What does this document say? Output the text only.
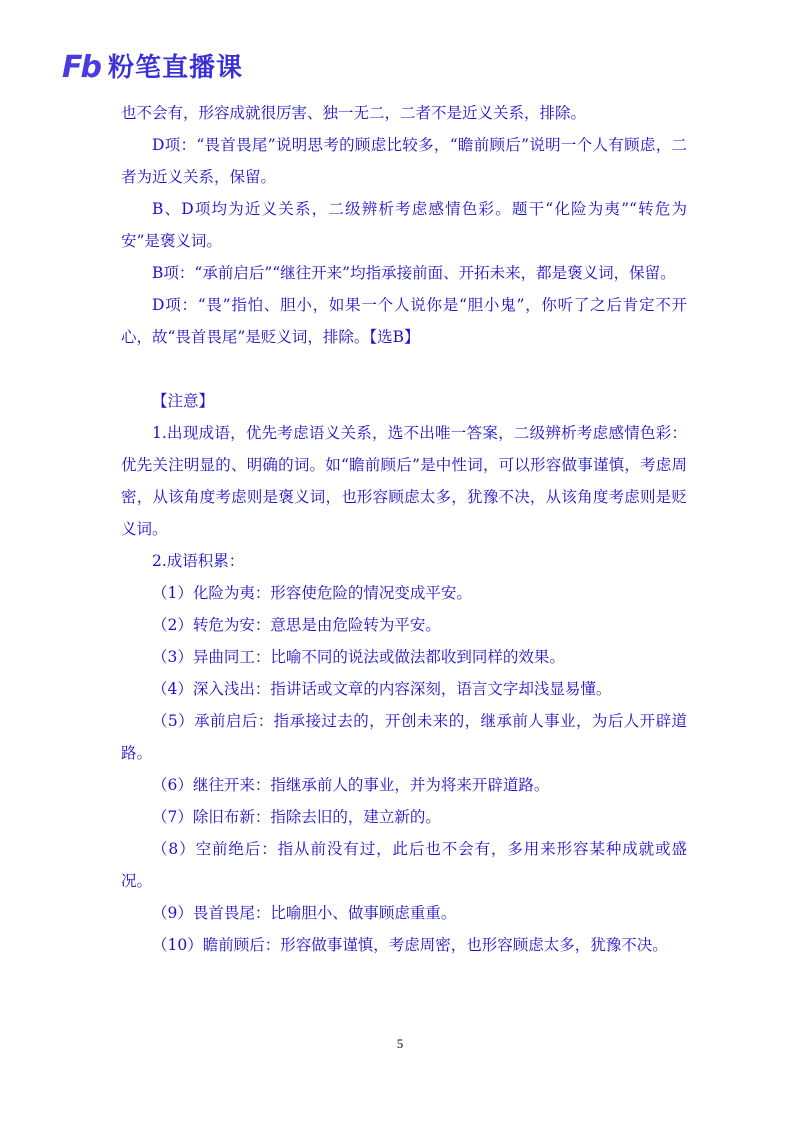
Fb 粉笔直播课

也不会有，形容成就很厉害、独一无二，二者不是近义关系，排除。

D项：“畏首畏尾”说明思考的顾虑比较多，“瞻前顾后”说明一个人有顾虑，二者为近义关系，保留。

B、D项均为近义关系，二级辨析考虑感情色彩。题干“化险为夷”“转危为安”是褒义词。

B项：“承前启后”“继往开来”均指承接前面、开拓未来，都是褒义词，保留。

D项：“畏”指怕、胆小，如果一个人说你是“胆小鬼”，你听了之后肯定不开心，故“畏首畏尾”是贬义词，排除。【选B】

【注意】

1.出现成语，优先考虑语义关系，选不出唯一答案，二级辨析考虑感情色彩：优先关注明显的、明确的词。如“瞻前顾后”是中性词，可以形容做事谨慎，考虑周密，从该角度考虑则是褒义词，也形容顾虑太多，犹豫不决，从该角度考虑则是贬义词。

2.成语积累：

（1）化险为夷：形容使危险的情况变成平安。

（2）转危为安：意思是由危险转为平安。

（3）异曲同工：比喻不同的说法或做法都收到同样的效果。

（4）深入浅出：指讲话或文章的内容深刻，语言文字却浅显易懂。

（5）承前启后：指承接过去的，开创未来的，继承前人事业，为后人开辟道路。

（6）继往开来：指继承前人的事业，并为将来开辟道路。

（7）除旧布新：指除去旧的，建立新的。

（8）空前绝后：指从前没有过，此后也不会有，多用来形容某种成就或盛况。

（9）畏首畏尾：比喻胆小、做事顾虑重重。

（10）瞻前顾后：形容做事谨慎，考虑周密，也形容顾虑太多，犹豫不决。

5
